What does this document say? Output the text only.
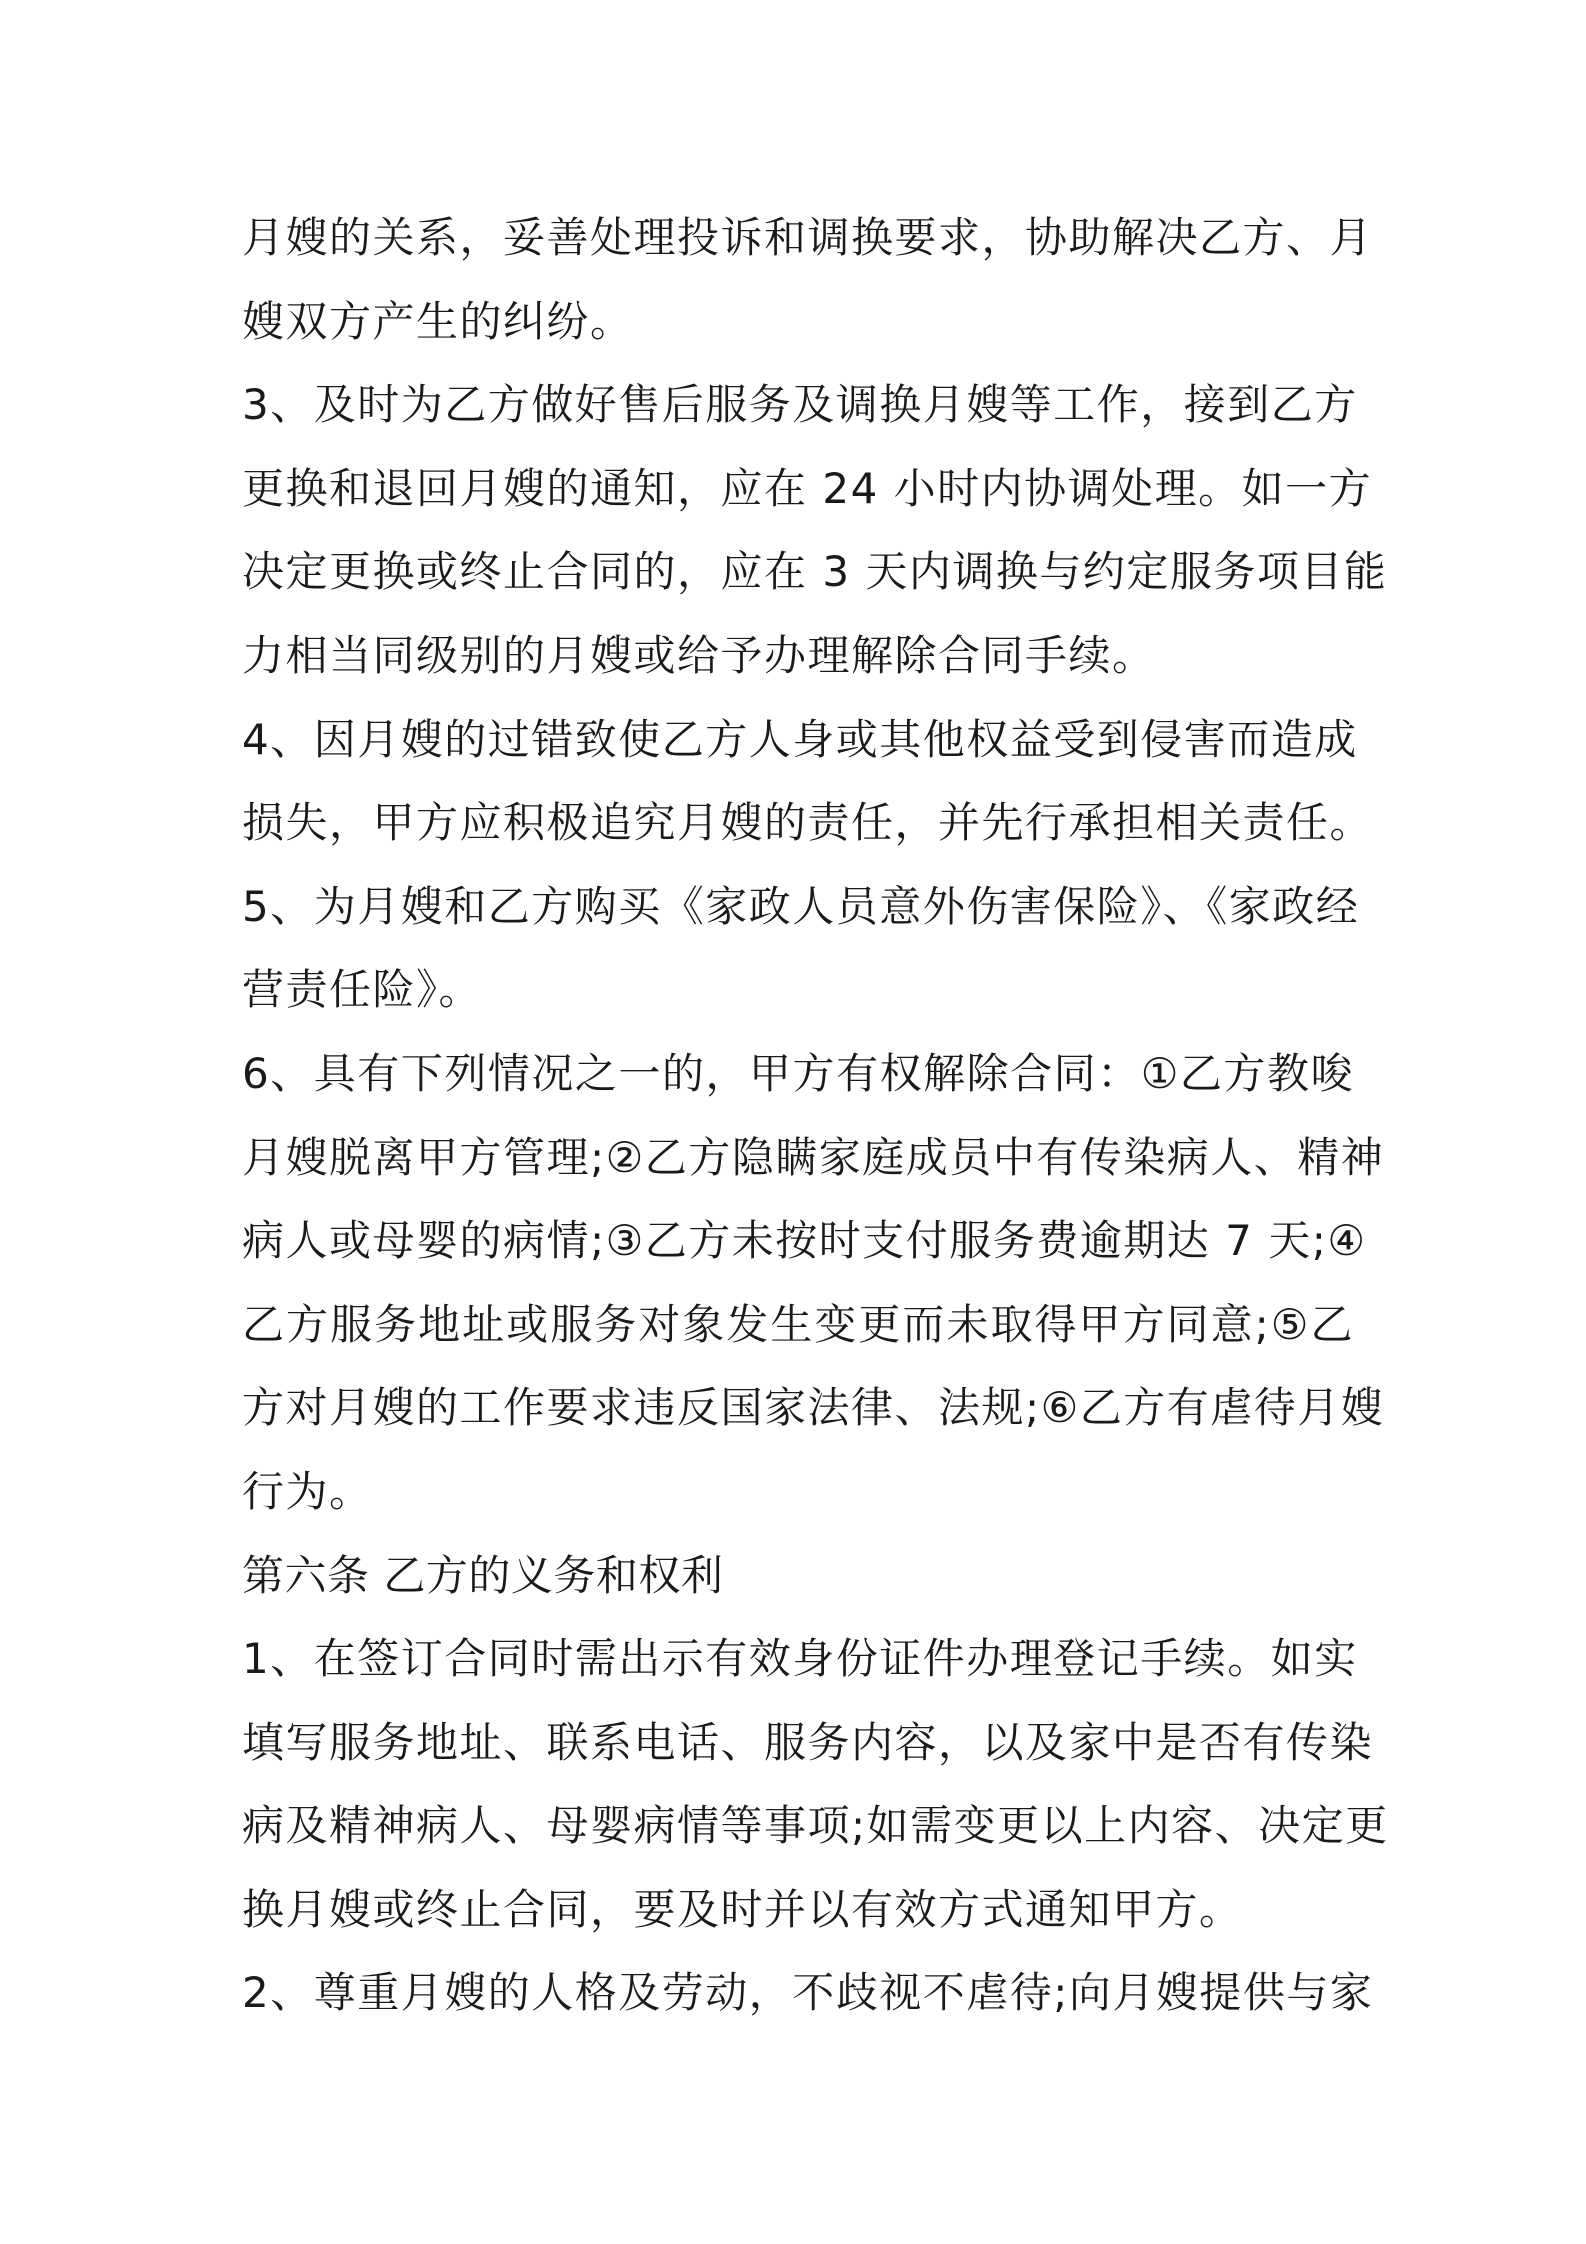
月嫂的关系，妥善处理投诉和调换要求，协助解决乙方、月
嫂双方产生的纠纷。
3、及时为乙方做好售后服务及调换月嫂等工作，接到乙方
更换和退回月嫂的通知，应在 24 小时内协调处理。如一方
决定更换或终止合同的，应在 3 天内调换与约定服务项目能
力相当同级别的月嫂或给予办理解除合同手续。
4、因月嫂的过错致使乙方人身或其他权益受到侵害而造成
损失，甲方应积极追究月嫂的责任，并先行承担相关责任。
5、为月嫂和乙方购买《家政人员意外伤害保险》、《家政经
营责任险》。
6、具有下列情况之一的，甲方有权解除合同：①乙方教唆
月嫂脱离甲方管理;②乙方隐瞒家庭成员中有传染病人、精神
病人或母婴的病情;③乙方未按时支付服务费逾期达 7 天;④
乙方服务地址或服务对象发生变更而未取得甲方同意;⑤乙
方对月嫂的工作要求违反国家法律、法规;⑥乙方有虐待月嫂
行为。
第六条 乙方的义务和权利
1、在签订合同时需出示有效身份证件办理登记手续。如实
填写服务地址、联系电话、服务内容，以及家中是否有传染
病及精神病人、母婴病情等事项;如需变更以上内容、决定更
换月嫂或终止合同，要及时并以有效方式通知甲方。
2、尊重月嫂的人格及劳动，不歧视不虐待;向月嫂提供与家
